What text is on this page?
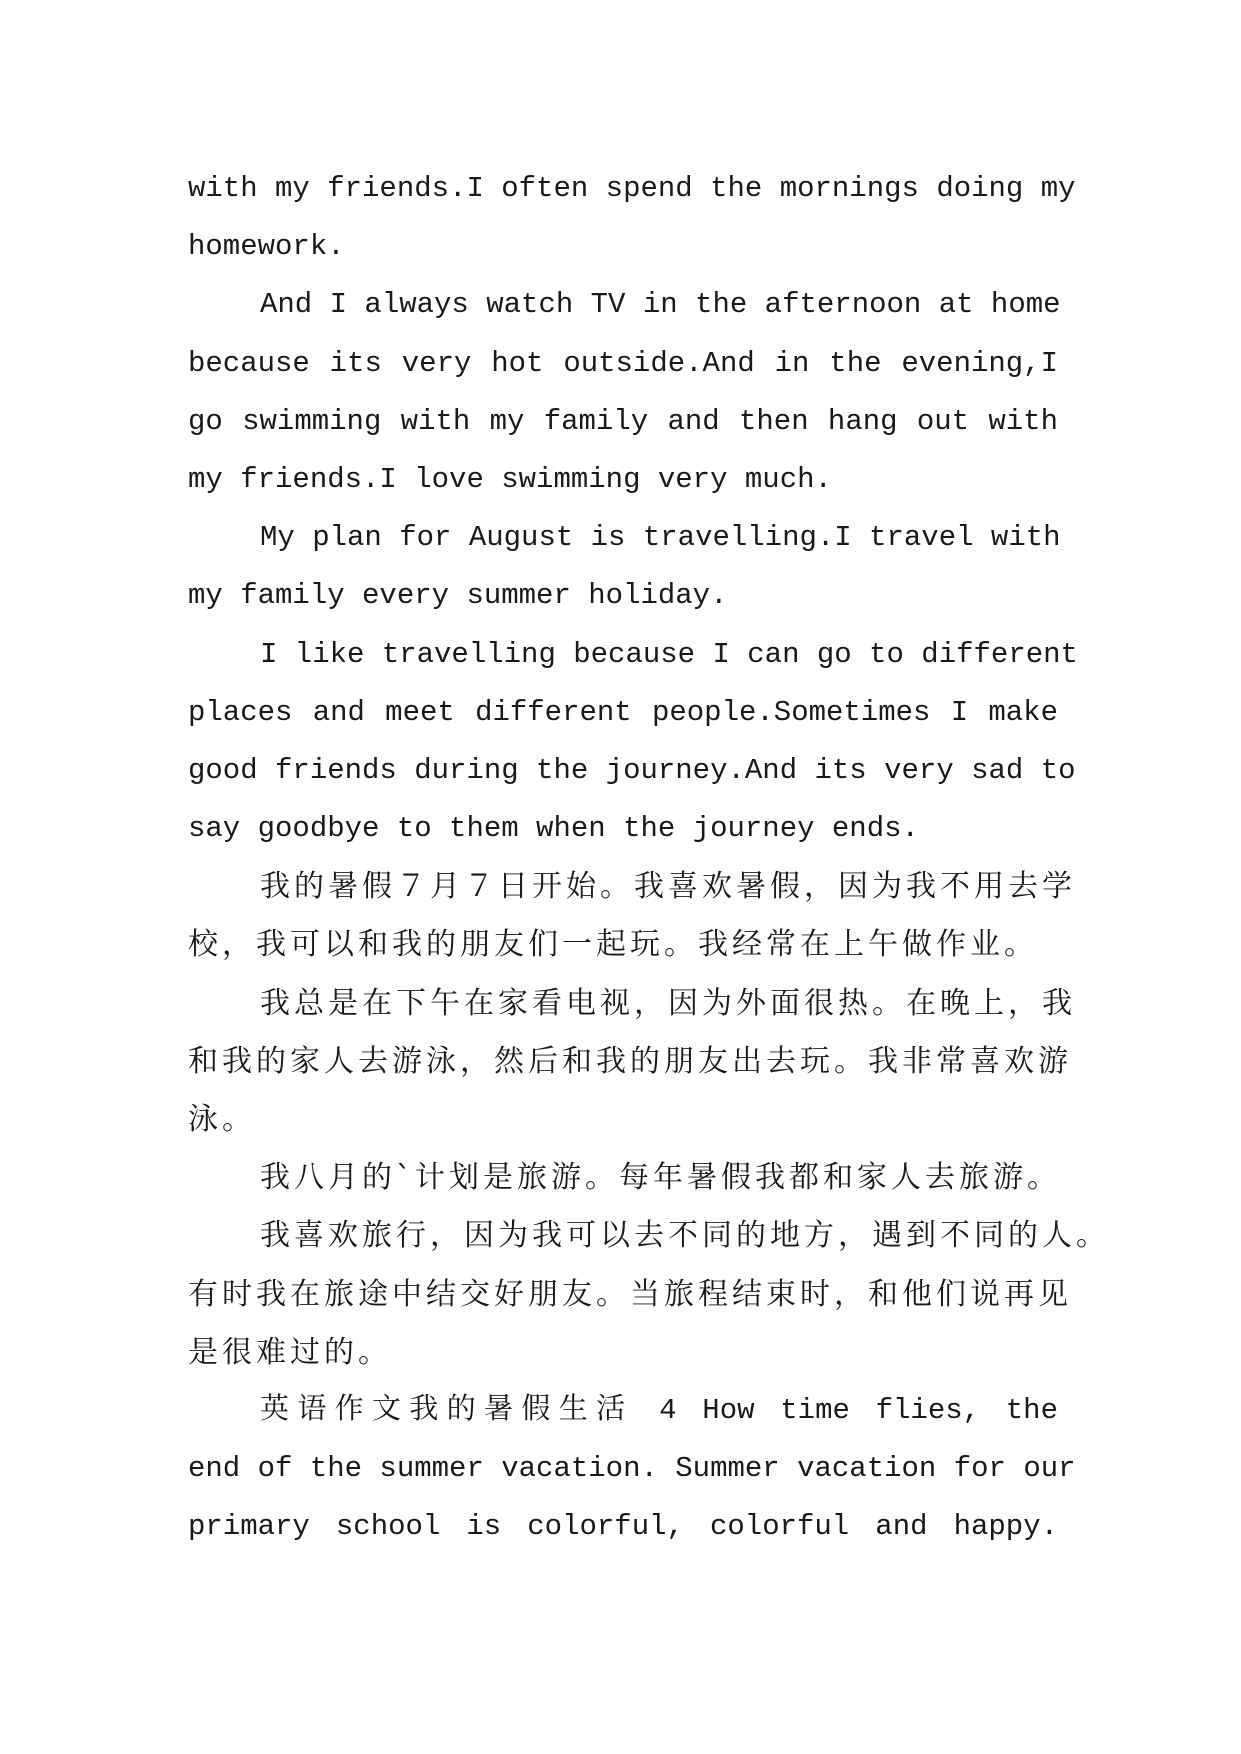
with my friends.I often spend the mornings doing my
homework.
And I always watch TV in the afternoon at home
because its very hot outside.And in the evening,I
go swimming with my family and then hang out with
my friends.I love swimming very much.
My plan for August is travelling.I travel with
my family every summer holiday.
I like travelling because I can go to different
places and meet different people.Sometimes I make
good friends during the journey.And its very sad to
say goodbye to them when the journey ends.
我的暑假７月７日开始。我喜欢暑假，因为我不用去学
校，我可以和我的朋友们一起玩。我经常在上午做作业。
我总是在下午在家看电视，因为外面很热。在晚上，我
和我的家人去游泳，然后和我的朋友出去玩。我非常喜欢游
泳。
我八月的`计划是旅游。每年暑假我都和家人去旅游。
我喜欢旅行，因为我可以去不同的地方，遇到不同的人。
有时我在旅途中结交好朋友。当旅程结束时，和他们说再见
是很难过的。
英语作文我的暑假生活 4 How time flies, the
end of the summer vacation. Summer vacation for our
primary school is colorful, colorful and happy.
